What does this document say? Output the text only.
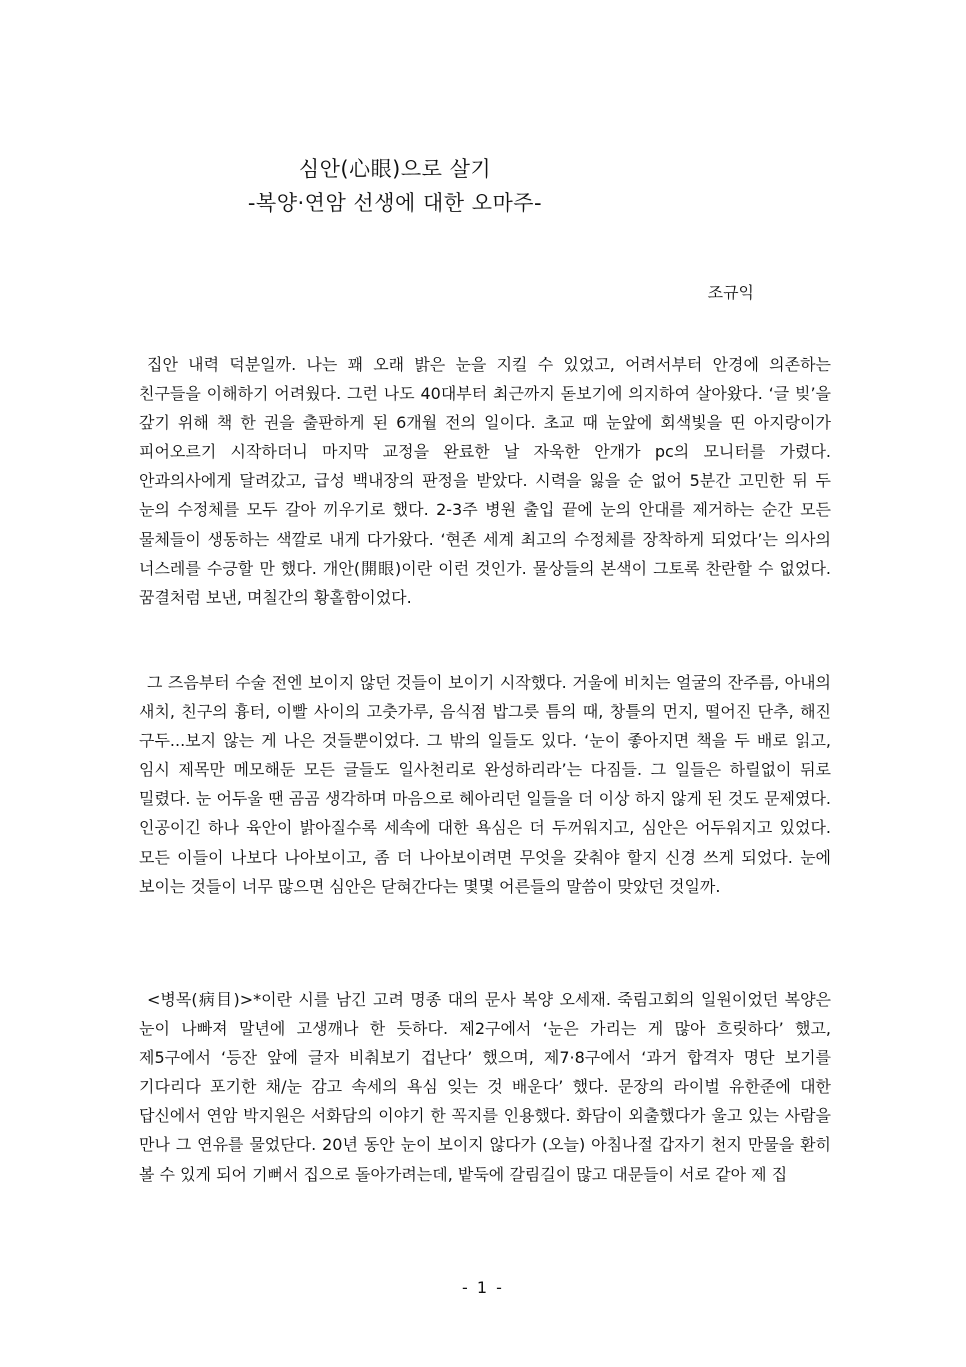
심안(心眼)으로 살기
-복양·연암 선생에 대한 오마주-
조규익
집안 내력 덕분일까. 나는 꽤 오래 밝은 눈을 지킬 수 있었고, 어려서부터 안경에 의존하는 친구들을 이해하기 어려웠다. 그런 나도 40대부터 최근까지 돋보기에 의지하여 살아왔다. ‘글 빚’을 갚기 위해 책 한 권을 출판하게 된 6개월 전의 일이다. 초교 때 눈앞에 회색빛을 띤 아지랑이가 피어오르기 시작하더니 마지막 교정을 완료한 날 자욱한 안개가 pc의 모니터를 가렸다. 안과의사에게 달려갔고, 급성 백내장의 판정을 받았다. 시력을 잃을 순 없어 5분간 고민한 뒤 두 눈의 수정체를 모두 갈아 끼우기로 했다. 2-3주 병원 출입 끝에 눈의 안대를 제거하는 순간 모든 물체들이 생동하는 색깔로 내게 다가왔다. ‘현존 세계 최고의 수정체를 장착하게 되었다’는 의사의 너스레를 수긍할 만 했다. 개안(開眼)이란 이런 것인가. 물상들의 본색이 그토록 찬란할 수 없었다. 꿈결처럼 보낸, 며칠간의 황홀함이었다.
그 즈음부터 수술 전엔 보이지 않던 것들이 보이기 시작했다. 거울에 비치는 얼굴의 잔주름, 아내의 새치, 친구의 흉터, 이빨 사이의 고춧가루, 음식점 밥그릇 틈의 때, 창틀의 먼지, 떨어진 단추, 해진 구두...보지 않는 게 나은 것들뿐이었다. 그 밖의 일들도 있다. ‘눈이 좋아지면 책을 두 배로 읽고, 임시 제목만 메모해둔 모든 글들도 일사천리로 완성하리라’는 다짐들. 그 일들은 하릴없이 뒤로 밀렸다. 눈 어두울 땐 곰곰 생각하며 마음으로 헤아리던 일들을 더 이상 하지 않게 된 것도 문제였다. 인공이긴 하나 육안이 밝아질수록 세속에 대한 욕심은 더 두꺼워지고, 심안은 어두워지고 있었다. 모든 이들이 나보다 나아보이고, 좀 더 나아보이려면 무엇을 갖춰야 할지 신경 쓰게 되었다. 눈에 보이는 것들이 너무 많으면 심안은 닫혀간다는 몇몇 어른들의 말씀이 맞았던 것일까.
<병목(病目)>*이란 시를 남긴 고려 명종 대의 문사 복양 오세재. 죽림고회의 일원이었던 복양은 눈이 나빠져 말년에 고생깨나 한 듯하다. 제2구에서 ‘눈은 가리는 게 많아 흐릿하다’ 했고, 제5구에서 ‘등잔 앞에 글자 비춰보기 겁난다’ 했으며, 제7·8구에서 ‘과거 합격자 명단 보기를 기다리다 포기한 채/눈 감고 속세의 욕심 잊는 것 배운다’ 했다. 문장의 라이벌 유한준에 대한 답신에서 연암 박지원은 서화담의 이야기 한 꼭지를 인용했다. 화담이 외출했다가 울고 있는 사람을 만나 그 연유를 물었단다. 20년 동안 눈이 보이지 않다가 (오늘) 아침나절 갑자기 천지 만물을 환히 볼 수 있게 되어 기뻐서 집으로 돌아가려는데, 밭둑에 갈림길이 많고 대문들이 서로 같아 제 집
- 1 -
